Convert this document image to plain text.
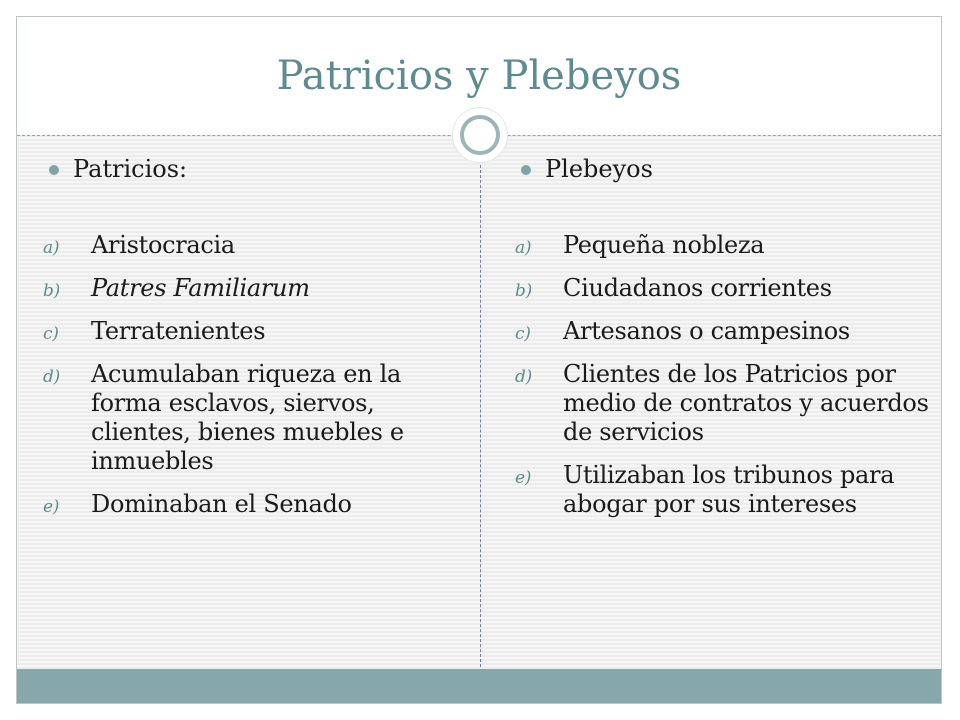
Patricios y Plebeyos

Patricios:

a) Aristocracia
b) Patres Familiarum
c) Terratenientes
d) Acumulaban riqueza en la forma esclavos, siervos, clientes, bienes muebles e inmuebles
e) Dominaban el Senado

Plebeyos

a) Pequeña nobleza
b) Ciudadanos corrientes
c) Artesanos o campesinos
d) Clientes de los Patricios por medio de contratos y acuerdos de servicios
e) Utilizaban los tribunos para abogar por sus intereses
